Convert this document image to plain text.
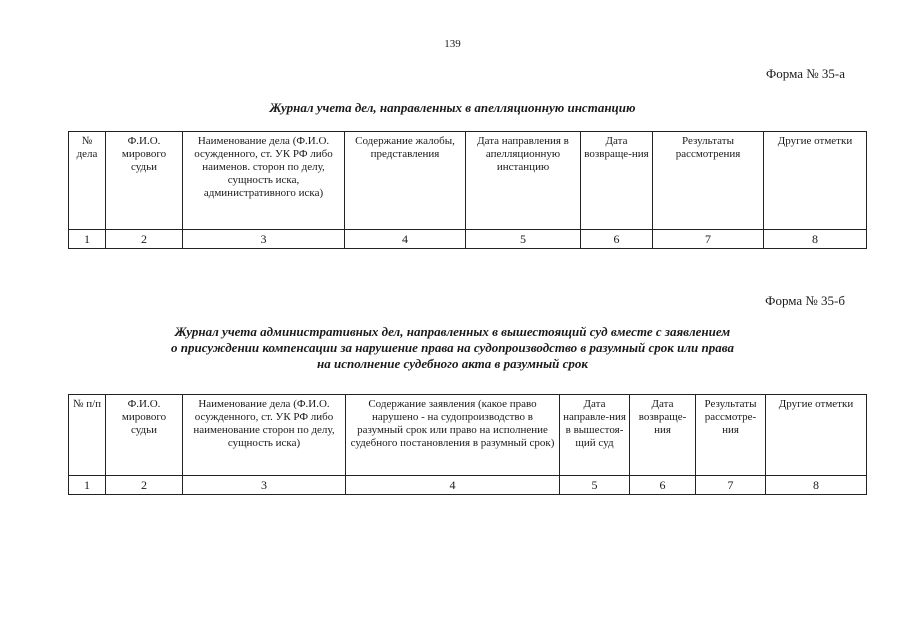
139
Форма № 35-а
Журнал учета дел, направленных в апелляционную инстанцию
№ дела	Ф.И.О. мирового судьи	Наименование дела (Ф.И.О. осужденного, ст. УК РФ либо наименов. сторон по делу, сущность иска, административного иска)	Содержание жалобы, представления	Дата направления в апелляционную инстанцию	Дата возвраще-ния	Результаты рассмотрения	Другие отметки
1	2	3	4	5	6	7	8
Форма № 35-б
Журнал учета административных дел, направленных в вышестоящий суд вместе с заявлением
о присуждении компенсации за нарушение права на судопроизводство в разумный срок или права
на исполнение судебного акта в разумный срок
№ п/п	Ф.И.О. мирового судьи	Наименование дела (Ф.И.О. осужденного, ст. УК РФ либо наименование сторон по делу, сущность иска)	Содержание заявления (какое право нарушено - на судопроизводство в разумный срок или право на исполнение судебного постановления в разумный срок)	Дата направле-ния в вышестоя-щий суд	Дата возвраще-ния	Результаты рассмотре-ния	Другие отметки
1	2	3	4	5	6	7	8
